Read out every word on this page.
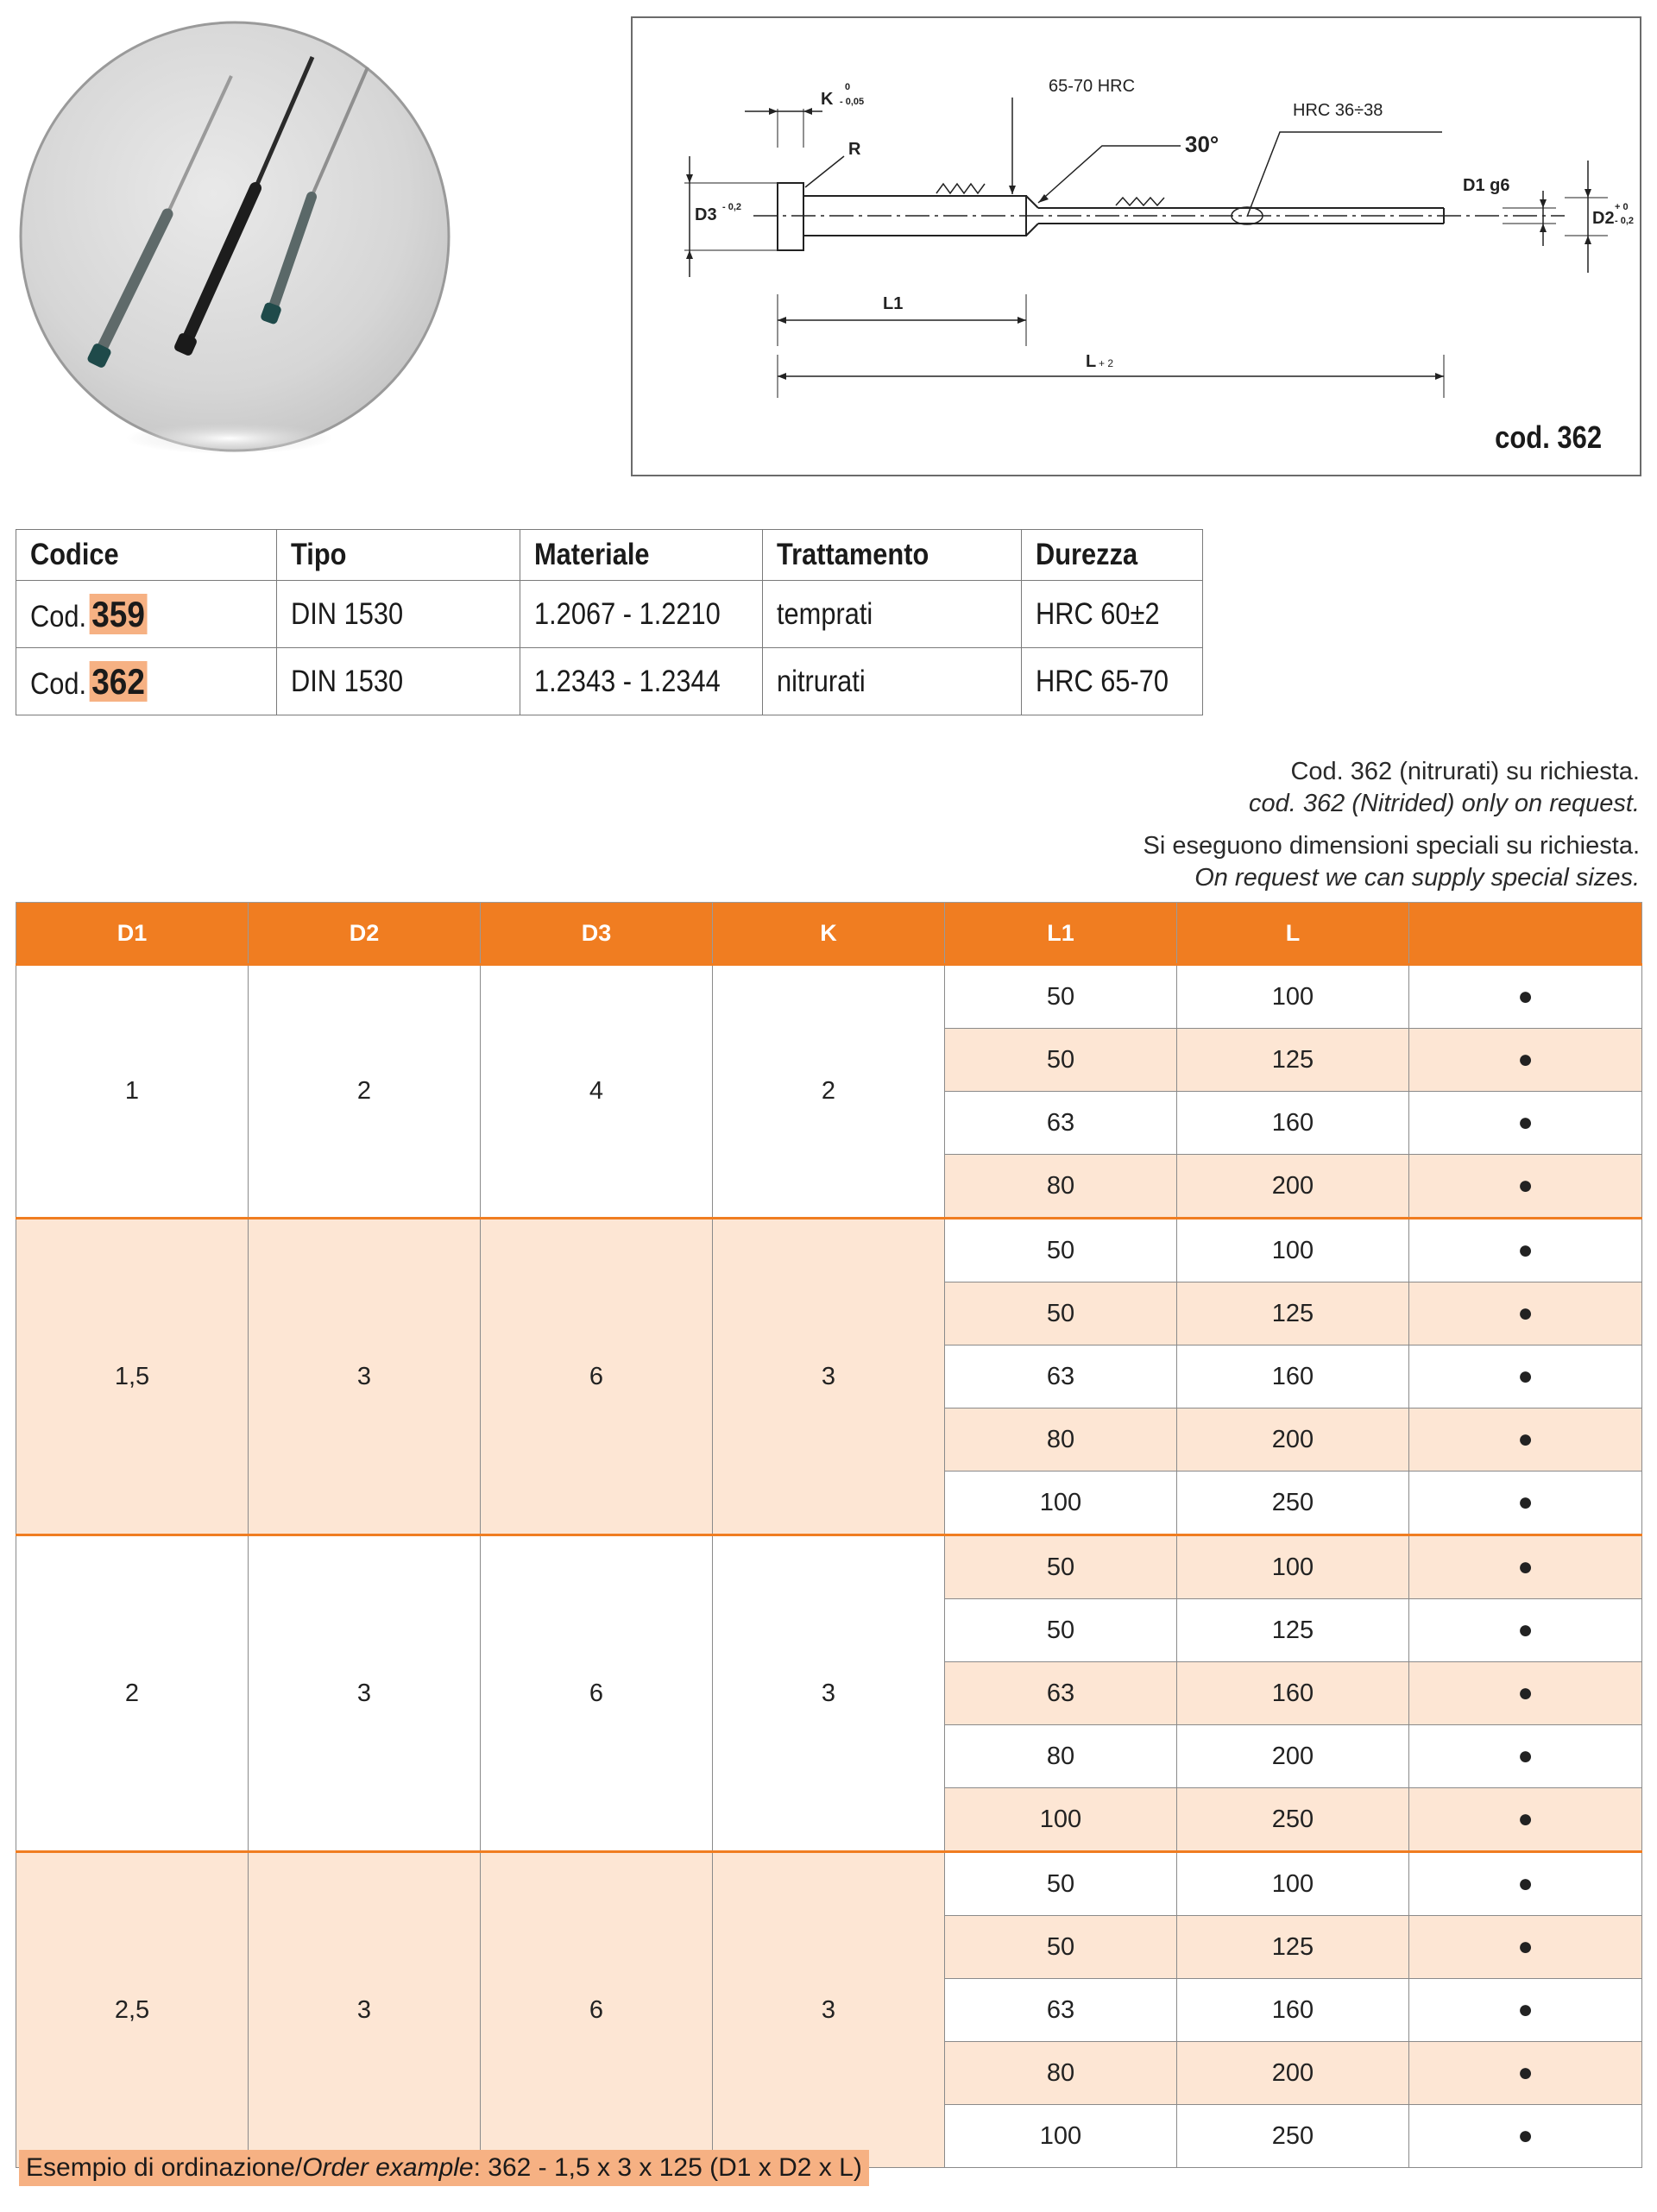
K
0
- 0,05
65-70 HRC
R	30°
HRC 36÷38
D3 - 0,2
D1 g6
D2
+ 0
- 0,2
L1
L + 2
cod. 362
Codice	Tipo	Materiale	Trattamento	Durezza
Cod. 359	DIN 1530	1.2067 - 1.2210	temprati	HRC 60±2
Cod. 362	DIN 1530	1.2343 - 1.2344	nitrurati	HRC 65-70
Cod. 362 (nitrurati) su richiesta.
cod. 362 (Nitrided) only on request.
Si eseguono dimensioni speciali su richiesta.
On request we can supply special sizes.
D1	D2	D3	K	L1	L	
1	2	4	2	50	100	●
				50	125	●
				63	160	●
				80	200	●
1,5	3	6	3	50	100	●
				50	125	●
				63	160	●
				80	200	●
				100	250	●
2	3	6	3	50	100	●
				50	125	●
				63	160	●
				80	200	●
				100	250	●
2,5	3	6	3	50	100	●
				50	125	●
				63	160	●
				80	200	●
				100	250	●
Esempio di ordinazione/Order example: 362 - 1,5 x 3 x 125 (D1 x D2 x L)
